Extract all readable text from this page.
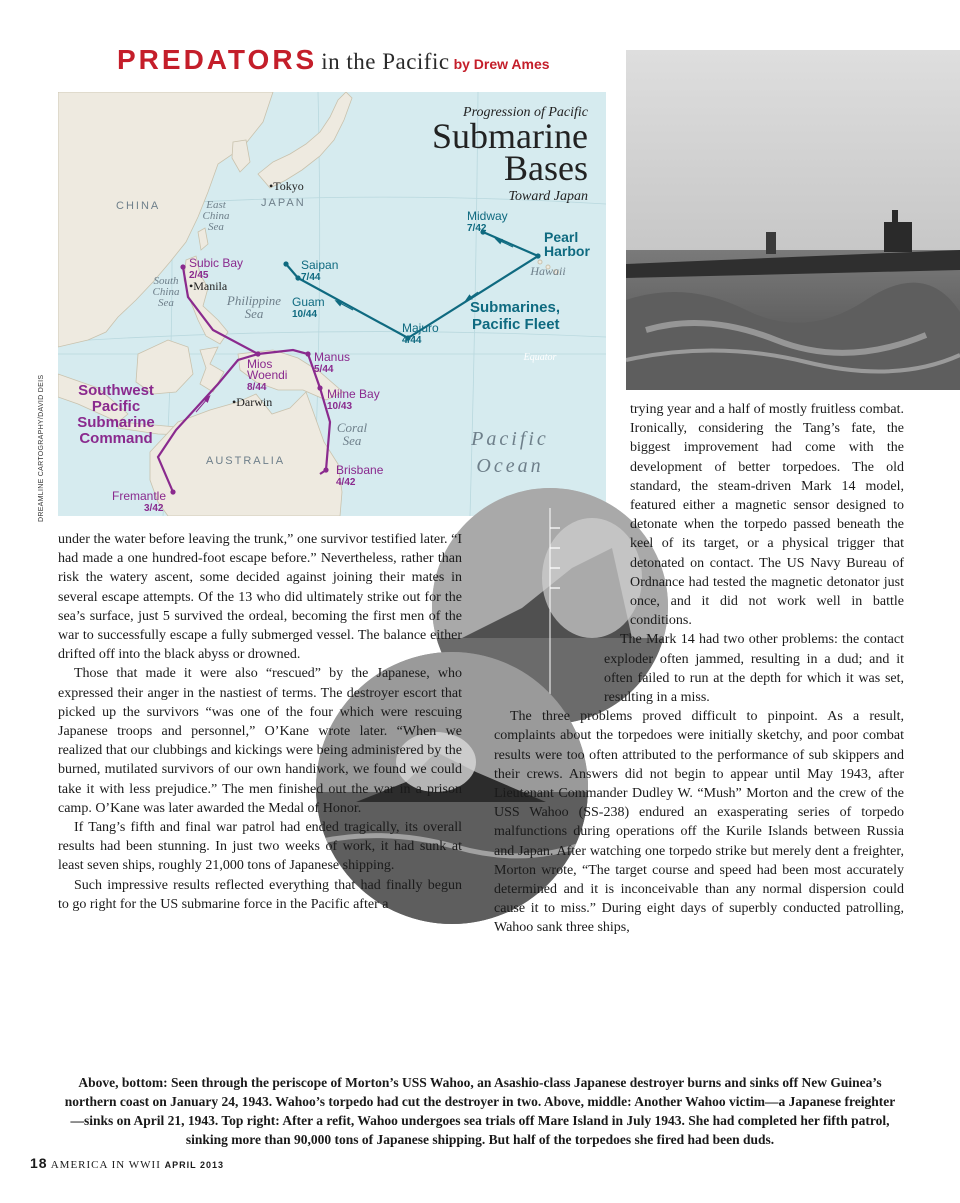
PREDATORS in the Pacific by Drew Ames
Progression of Pacific
Submarine
Bases
Toward Japan
CHINA	JAPAN
AUSTRALIA
East
China
Sea
South
China
Sea	Philippine
Sea
Coral
Sea	Pacific
Ocean
Hawaii
Equator
•Tokyo
•Manila
•Darwin
Pearl
Harbor
Midway
7/42
Majuro
4/44
Guam
10/44
Saipan
7/44
Submarines,
Pacific Fleet
Subic Bay
2/45
Mios
Woendi
8/44
Manus
5/44
Milne Bay
10/43
Brisbane
4/42
Fremantle
3/42
Southwest
Pacific
Submarine
Command
DREAMLINE CARTOGRAPHY/DAVID DEIS

under the water before leaving the trunk,” one survivor testified later. “I had made a one hundred-foot escape before.” Nevertheless, rather than risk the watery ascent, some decided against joining their mates in several escape attempts. Of the 13 who did ultimately strike out for the sea’s surface, just 5 survived the ordeal, becoming the first men of the war to successfully escape a fully submerged vessel. The balance either drifted off into the black abyss or drowned.

Those that made it were also “rescued” by the Japanese, who expressed their anger in the nastiest of terms. The destroyer escort that picked up the survivors “was one of the four which were rescuing Japanese troops and personnel,” O’Kane wrote later. “When we realized that our clubbings and kickings were being administered by the burned, mutilated survivors of our own handiwork, we found we could take it with less prejudice.” The men finished out the war in a prison camp. O’Kane was later awarded the Medal of Honor.

If Tang’s fifth and final war patrol had ended tragically, its overall results had been stunning. In just two weeks of work, it had sunk at least seven ships, roughly 21,000 tons of Japanese shipping.

Such impressive results reflected everything that had finally begun to go right for the US submarine force in the Pacific after a

trying year and a half of mostly fruitless combat. Ironically, considering the Tang’s fate, the biggest improvement had come with the development of better torpedoes. The old standard, the steam-driven Mark 14 model, featured either a magnetic sensor designed to detonate when the torpedo passed beneath the keel of its target, or a physical trigger that detonated on contact. The US Navy Bureau of Ordnance had tested the magnetic detonator just once, and it did not work well in battle conditions.

The Mark 14 had two other problems: the contact exploder often jammed, resulting in a dud; and it often failed to run at the depth for which it was set, resulting in a miss.

The three problems proved difficult to pinpoint. As a result, complaints about the torpedoes were initially sketchy, and poor combat results were too often attributed to the performance of sub skippers and their crews. Answers did not begin to appear until May 1943, after Lieutenant Commander Dudley W. “Mush” Morton and the crew of the USS Wahoo (SS-238) endured an exasperating series of torpedo malfunctions during operations off the Kurile Islands between Russia and Japan. After watching one torpedo strike but merely dent a freighter, Morton wrote, “The target course and speed had been most accurately determined and it is inconceivable than any normal dispersion could cause it to miss.” During eight days of superbly conducted patrolling, Wahoo sank three ships,

Above, bottom: Seen through the periscope of Morton’s USS Wahoo, an Asashio-class Japanese destroyer burns and sinks off New Guinea’s northern coast on January 24, 1943. Wahoo’s torpedo had cut the destroyer in two. Above, middle: Another Wahoo victim—a Japanese freighter—sinks on April 21, 1943. Top right: After a refit, Wahoo undergoes sea trials off Mare Island in July 1943. She had completed her fifth patrol, sinking more than 90,000 tons of Japanese shipping. But half of the torpedoes she fired had been duds.
18 AMERICA IN WWII APRIL 2013
